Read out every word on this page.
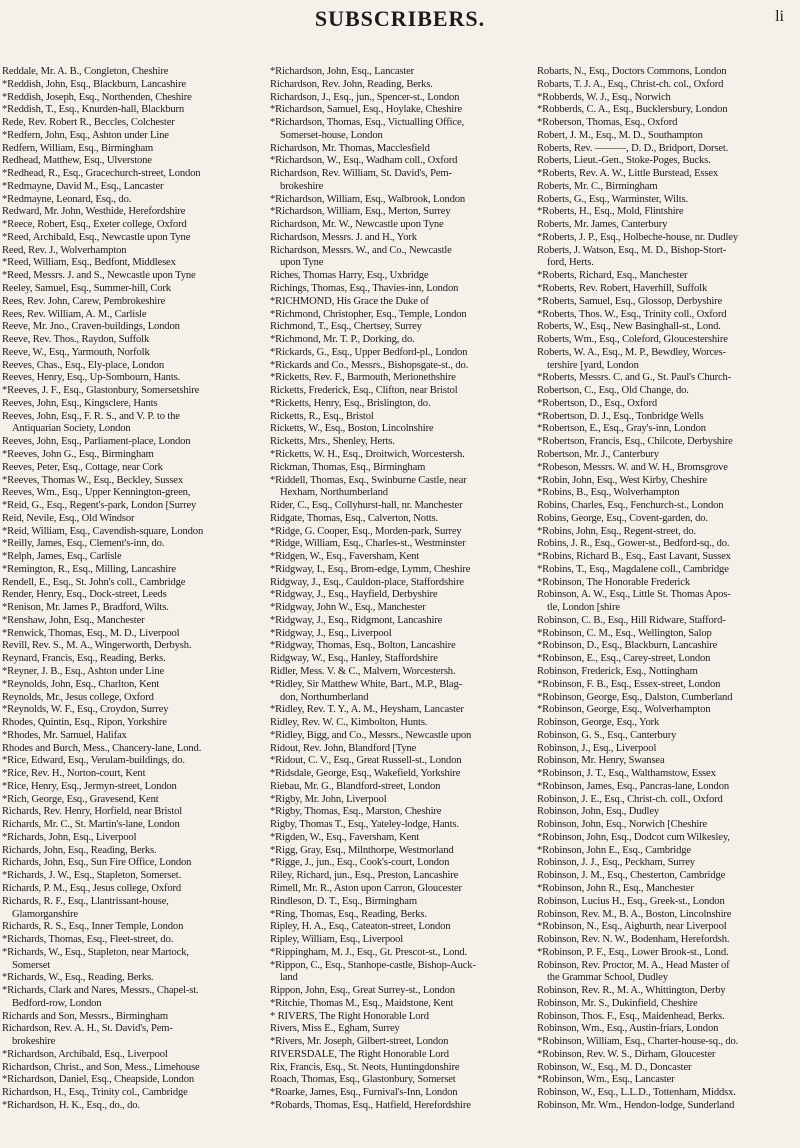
SUBSCRIBERS.	li
Reddale, Mr. A. B., Congleton, Cheshire
*Reddish, John, Esq., Blackburn, Lancashire
*Reddish, Joseph, Esq., Northenden, Cheshire
*Reddish, T., Esq., Knurden-hall, Blackburn
Rede, Rev. Robert R., Beccles, Colchester
*Redfern, John, Esq., Ashton under Line
Redfern, William, Esq., Birmingham
Redhead, Matthew, Esq., Ulverstone
*Redhead, R., Esq., Gracechurch-street, London
*Redmayne, David M., Esq., Lancaster
*Redmayne, Leonard, Esq., do.
Redward, Mr. John, Westhide, Herefordshire
*Reece, Robert, Esq., Exeter college, Oxford
*Reed, Archibald, Esq., Newcastle upon Tyne
Reed, Rev. J., Wolverhampton
*Reed, William, Esq., Bedfont, Middlesex
*Reed, Messrs. J. and S., Newcastle upon Tyne
Reeley, Samuel, Esq., Summer-hill, Cork
Rees, Rev. John, Carew, Pembrokeshire
Rees, Rev. William, A. M., Carlisle
Reeve, Mr. Jno., Craven-buildings, London
Reeve, Rev. Thos., Raydon, Suffolk
Reeve, W., Esq., Yarmouth, Norfolk
Reeves, Chas., Esq., Ely-place, London
Reeves, Henry, Esq., Up-Sombourn, Hants.
*Reeves, J. F., Esq., Glastonbury, Somersetshire
Reeves, John, Esq., Kingsclere, Hants
Reeves, John, Esq., F. R. S., and V. P. to the
Antiquarian Society, London
Reeves, John, Esq., Parliament-place, London
*Reeves, John G., Esq., Birmingham
Reeves, Peter, Esq., Cottage, near Cork
*Reeves, Thomas W., Esq., Beckley, Sussex
Reeves, Wm., Esq., Upper Kennington-green,
*Reid, G., Esq., Regent's-park, London [Surrey
Reid, Nevile, Esq., Old Windsor
*Reid, William, Esq., Cavendish-square, London
*Reilly, James, Esq., Clement's-inn, do.
*Relph, James, Esq., Carlisle
*Remington, R., Esq., Milling, Lancashire
Rendell, E., Esq., St. John's coll., Cambridge
Render, Henry, Esq., Dock-street, Leeds
*Renison, Mr. James P., Bradford, Wilts.
*Renshaw, John, Esq., Manchester
*Renwick, Thomas, Esq., M. D., Liverpool
Revill, Rev. S., M. A., Wingerworth, Derbysh.
Reynard, Francis, Esq., Reading, Berks.
*Reyner, J. B., Esq., Ashton under Line
*Reynolds, John, Esq., Charlton, Kent
Reynolds, Mr., Jesus college, Oxford
*Reynolds, W. F., Esq., Croydon, Surrey
Rhodes, Quintin, Esq., Ripon, Yorkshire
*Rhodes, Mr. Samuel, Halifax
Rhodes and Burch, Mess., Chancery-lane, Lond.
*Rice, Edward, Esq., Verulam-buildings, do.
*Rice, Rev. H., Norton-court, Kent
*Rice, Henry, Esq., Jermyn-street, London
*Rich, George, Esq., Gravesend, Kent
Richards, Rev. Henry, Horfield, near Bristol
Richards, Mr. C., St. Martin's-lane, London
*Richards, John, Esq., Liverpool
Richards, John, Esq., Reading, Berks.
Richards, John, Esq., Sun Fire Office, London
*Richards, J. W., Esq., Stapleton, Somerset.
Richards, P. M., Esq., Jesus college, Oxford
Richards, R. F., Esq., Llantrissant-house,
Glamorganshire
Richards, R. S., Esq., Inner Temple, London
*Richards, Thomas, Esq., Fleet-street, do.
*Richards, W., Esq., Stapleton, near Martock,
Somerset
*Richards, W., Esq., Reading, Berks.
*Richards, Clark and Nares, Messrs., Chapel-st.
Bedford-row, London
Richards and Son, Messrs., Birmingham
Richardson, Rev. A. H., St. David's, Pem-
brokeshire
*Richardson, Archibald, Esq., Liverpool
Richardson, Christ., and Son, Mess., Limehouse
*Richardson, Daniel, Esq., Cheapside, London
Richardson, H., Esq., Trinity col., Cambridge
*Richardson, H. K., Esq., do., do.
*Richardson, John, Esq., Lancaster
Richardson, Rev. John, Reading, Berks.
Richardson, J., Esq., jun., Spencer-st., London
*Richardson, Samuel, Esq., Hoylake, Cheshire
*Richardson, Thomas, Esq., Victualling Office,
Somerset-house, London
Richardson, Mr. Thomas, Macclesfield
*Richardson, W., Esq., Wadham coll., Oxford
Richardson, Rev. William, St. David's, Pem-
brokeshire
*Richardson, William, Esq., Walbrook, London
*Richardson, William, Esq., Merton, Surrey
Richardson, Mr. W., Newcastle upon Tyne
Richardson, Messrs. J. and H., York
Richardson, Messrs. W., and Co., Newcastle
upon Tyne
Riches, Thomas Harry, Esq., Uxbridge
Richings, Thomas, Esq., Thavies-inn, London
*RICHMOND, His Grace the Duke of
*Richmond, Christopher, Esq., Temple, London
Richmond, T., Esq., Chertsey, Surrey
*Richmond, Mr. T. P., Dorking, do.
*Rickards, G., Esq., Upper Bedford-pl., London
*Rickards and Co., Messrs., Bishopsgate-st., do.
*Ricketts, Rev. F., Barmouth, Merionethshire
Ricketts, Frederick, Esq., Clifton, near Bristol
*Ricketts, Henry, Esq., Brislington, do.
Ricketts, R., Esq., Bristol
Ricketts, W., Esq., Boston, Lincolnshire
Ricketts, Mrs., Shenley, Herts.
*Ricketts, W. H., Esq., Droitwich, Worcestersh.
Rickman, Thomas, Esq., Birmingham
*Riddell, Thomas, Esq., Swinburne Castle, near
Hexham, Northumberland
Rider, C., Esq., Collyhurst-hall, nr. Manchester
Ridgate, Thomas, Esq., Calverton, Notts.
*Ridge, G. Cooper, Esq., Morden-park, Surrey
*Ridge, William, Esq., Charles-st., Westminster
*Ridgen, W., Esq., Faversham, Kent
*Ridgway, I., Esq., Brom-edge, Lymm, Cheshire
Ridgway, J., Esq., Cauldon-place, Staffordshire
*Ridgway, J., Esq., Hayfield, Derbyshire
*Ridgway, John W., Esq., Manchester
*Ridgway, J., Esq., Ridgmont, Lancashire
*Ridgway, J., Esq., Liverpool
*Ridgway, Thomas, Esq., Bolton, Lancashire
Ridgway, W., Esq., Hanley, Staffordshire
Ridler, Mess. V. & C., Malvern, Worcestersh.
*Ridley, Sir Matthew White, Bart., M.P., Blag-
don, Northumberland
*Ridley, Rev. T. Y., A. M., Heysham, Lancaster
Ridley, Rev. W. C., Kimbolton, Hunts.
*Ridley, Bigg, and Co., Messrs., Newcastle upon
Ridout, Rev. John, Blandford [Tyne
*Ridout, C. V., Esq., Great Russell-st., London
*Ridsdale, George, Esq., Wakefield, Yorkshire
Riebau, Mr. G., Blandford-street, London
*Rigby, Mr. John, Liverpool
*Rigby, Thomas, Esq., Marston, Cheshire
Rigby, Thomas T., Esq., Yateley-lodge, Hants.
*Rigden, W., Esq., Faversham, Kent
*Rigg, Gray, Esq., Milnthorpe, Westmorland
*Rigge, J., jun., Esq., Cook's-court, London
Riley, Richard, jun., Esq., Preston, Lancashire
Rimell, Mr. R., Aston upon Carron, Gloucester
Rindleson, D. T., Esq., Birmingham
*Ring, Thomas, Esq., Reading, Berks.
Ripley, H. A., Esq., Cateaton-street, London
Ripley, William, Esq., Liverpool
*Rippingham, M. J., Esq., Gt. Prescot-st., Lond.
*Rippon, C., Esq., Stanhope-castle, Bishop-Auck-
land
Rippon, John, Esq., Great Surrey-st., London
*Ritchie, Thomas M., Esq., Maidstone, Kent
* RIVERS, The Right Honorable Lord
Rivers, Miss E., Egham, Surrey
*Rivers, Mr. Joseph, Gilbert-street, London
RIVERSDALE, The Right Honorable Lord
Rix, Francis, Esq., St. Neots, Huntingdonshire
Roach, Thomas, Esq., Glastonbury, Somerset
*Roarke, James, Esq., Furnival's-Inn, London
*Robards, Thomas, Esq., Hatfield, Herefordshire
Robarts, N., Esq., Doctors Commons, London
Robarts, T. J. A., Esq., Christ-ch. col., Oxford
*Robberds, W. J., Esq., Norwich
*Robberds, C. A., Esq., Bucklersbury, London
*Roberson, Thomas, Esq., Oxford
Robert, J. M., Esq., M. D., Southampton
Roberts, Rev. ———, D. D., Bridport, Dorset.
Roberts, Lieut.-Gen., Stoke-Poges, Bucks.
*Roberts, Rev. A. W., Little Burstead, Essex
Roberts, Mr. C., Birmingham
Roberts, G., Esq., Warminster, Wilts.
*Roberts, H., Esq., Mold, Flintshire
Roberts, Mr. James, Canterbury
*Roberts, J. P., Esq., Holbeche-house, nr. Dudley
Roberts, J. Watson, Esq., M. D., Bishop-Stort-
ford, Herts.
*Roberts, Richard, Esq., Manchester
*Roberts, Rev. Robert, Haverhill, Suffolk
*Roberts, Samuel, Esq., Glossop, Derbyshire
*Roberts, Thos. W., Esq., Trinity coll., Oxford
Roberts, W., Esq., New Basinghall-st., Lond.
Roberts, Wm., Esq., Coleford, Gloucestershire
Roberts, W. A., Esq., M. P., Bewdley, Worces-
tershire [yard, London
*Roberts, Messrs. C. and G., St. Paul's Church-
Robertson, C., Esq., Old Change, do.
*Robertson, D., Esq., Oxford
*Robertson, D. J., Esq., Tonbridge Wells
*Robertson, E., Esq., Gray's-inn, London
*Robertson, Francis, Esq., Chilcote, Derbyshire
Robertson, Mr. J., Canterbury
*Robeson, Messrs. W. and W. H., Bromsgrove
*Robin, John, Esq., West Kirby, Cheshire
*Robins, B., Esq., Wolverhampton
Robins, Charles, Esq., Fenchurch-st., London
Robins, George, Esq., Covent-garden, do.
*Robins, John, Esq., Regent-street, do.
Robins, J. R., Esq., Gower-st., Bedford-sq., do.
*Robins, Richard B., Esq., East Lavant, Sussex
*Robins, T., Esq., Magdalene coll., Cambridge
*Robinson, The Honorable Frederick
Robinson, A. W., Esq., Little St. Thomas Apos-
tle, London [shire
Robinson, C. B., Esq., Hill Ridware, Stafford-
*Robinson, C. M., Esq., Wellington, Salop
*Robinson, D., Esq., Blackburn, Lancashire
*Robinson, E., Esq., Carey-street, London
Robinson, Frederick, Esq., Nottingham
*Robinson, F. B., Esq., Essex-street, London
*Robinson, George, Esq., Dalston, Cumberland
*Robinson, George, Esq., Wolverhampton
Robinson, George, Esq., York
Robinson, G. S., Esq., Canterbury
Robinson, J., Esq., Liverpool
Robinson, Mr. Henry, Swansea
*Robinson, J. T., Esq., Walthamstow, Essex
*Robinson, James, Esq., Pancras-lane, London
Robinson, J. E., Esq., Christ-ch. coll., Oxford
Robinson, John, Esq., Dudley
Robinson, John, Esq., Norwich [Cheshire
*Robinson, John, Esq., Dodcot cum Wilkesley,
*Robinson, John E., Esq., Cambridge
Robinson, J. J., Esq., Peckham, Surrey
Robinson, J. M., Esq., Chesterton, Cambridge
*Robinson, John R., Esq., Manchester
Robinson, Lucius H., Esq., Greek-st., London
Robinson, Rev. M., B. A., Boston, Lincolnshire
*Robinson, N., Esq., Aigburth, near Liverpool
Robinson, Rev. N. W., Bodenham, Herefordsh.
*Robinson, P. F., Esq., Lower Brook-st., Lond.
Robinson, Rev. Proctor, M. A., Head Master of
the Grammar School, Dudley
Robinson, Rev. R., M. A., Whittington, Derby
Robinson, Mr. S., Dukinfield, Cheshire
Robinson, Thos. F., Esq., Maidenhead, Berks.
Robinson, Wm., Esq., Austin-friars, London
*Robinson, William, Esq., Charter-house-sq., do.
*Robinson, Rev. W. S., Dirham, Gloucester
Robinson, W., Esq., M. D., Doncaster
*Robinson, Wm., Esq., Lancaster
Robinson, W., Esq., L.L.D., Tottenham, Middsx.
Robinson, Mr. Wm., Hendon-lodge, Sunderland
